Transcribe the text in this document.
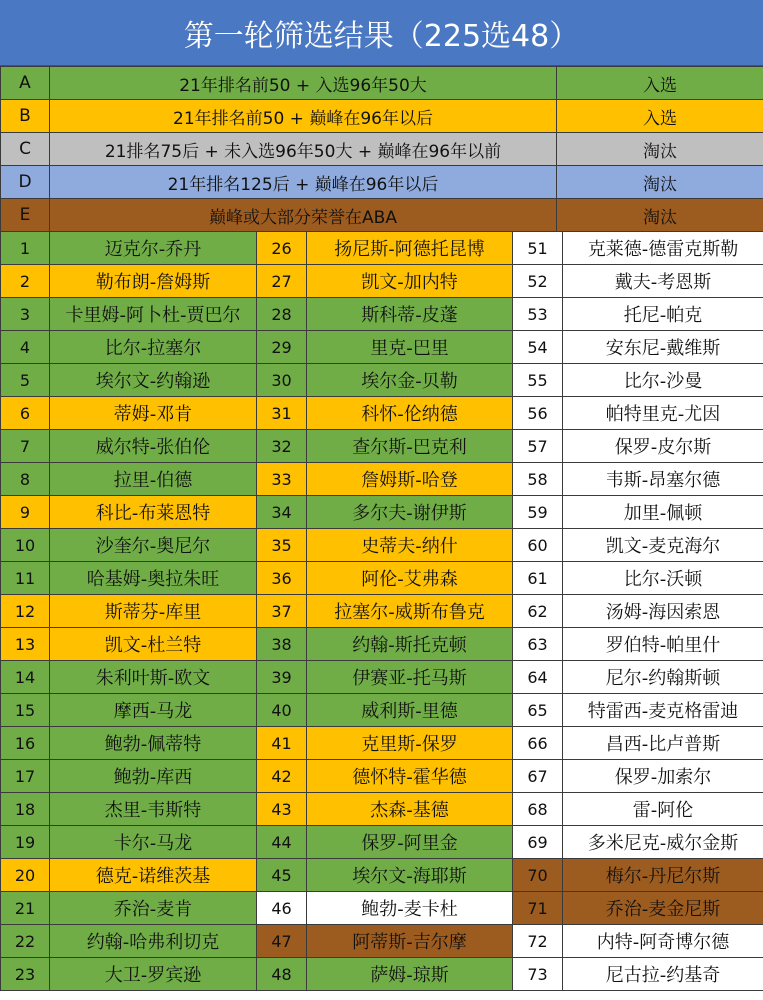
第一轮筛选结果（225选48）
A	21年排名前50 + 入选96年50大	入选
B	21年排名前50 + 巅峰在96年以后	入选
C	21排名75后 + 未入选96年50大 + 巅峰在96年以前	淘汰
D	21年排名125后 + 巅峰在96年以后	淘汰
E	巅峰或大部分荣誉在ABA	淘汰
1	迈克尔-乔丹	26	扬尼斯-阿德托昆博	51	克莱德-德雷克斯勒
2	勒布朗-詹姆斯	27	凯文-加内特	52	戴夫-考恩斯
3	卡里姆-阿卜杜-贾巴尔	28	斯科蒂-皮蓬	53	托尼-帕克
4	比尔-拉塞尔	29	里克-巴里	54	安东尼-戴维斯
5	埃尔文-约翰逊	30	埃尔金-贝勒	55	比尔-沙曼
6	蒂姆-邓肯	31	科怀-伦纳德	56	帕特里克-尤因
7	威尔特-张伯伦	32	查尔斯-巴克利	57	保罗-皮尔斯
8	拉里-伯德	33	詹姆斯-哈登	58	韦斯-昂塞尔德
9	科比-布莱恩特	34	多尔夫-谢伊斯	59	加里-佩顿
10	沙奎尔-奥尼尔	35	史蒂夫-纳什	60	凯文-麦克海尔
11	哈基姆-奥拉朱旺	36	阿伦-艾弗森	61	比尔-沃顿
12	斯蒂芬-库里	37	拉塞尔-威斯布鲁克	62	汤姆-海因索恩
13	凯文-杜兰特	38	约翰-斯托克顿	63	罗伯特-帕里什
14	朱利叶斯-欧文	39	伊赛亚-托马斯	64	尼尔-约翰斯顿
15	摩西-马龙	40	威利斯-里德	65	特雷西-麦克格雷迪
16	鲍勃-佩蒂特	41	克里斯-保罗	66	昌西-比卢普斯
17	鲍勃-库西	42	德怀特-霍华德	67	保罗-加索尔
18	杰里-韦斯特	43	杰森-基德	68	雷-阿伦
19	卡尔-马龙	44	保罗-阿里金	69	多米尼克-威尔金斯
20	德克-诺维茨基	45	埃尔文-海耶斯	70	梅尔-丹尼尔斯
21	乔治-麦肯	46	鲍勃-麦卡杜	71	乔治-麦金尼斯
22	约翰-哈弗利切克	47	阿蒂斯-吉尔摩	72	内特-阿奇博尔德
23	大卫-罗宾逊	48	萨姆-琼斯	73	尼古拉-约基奇
